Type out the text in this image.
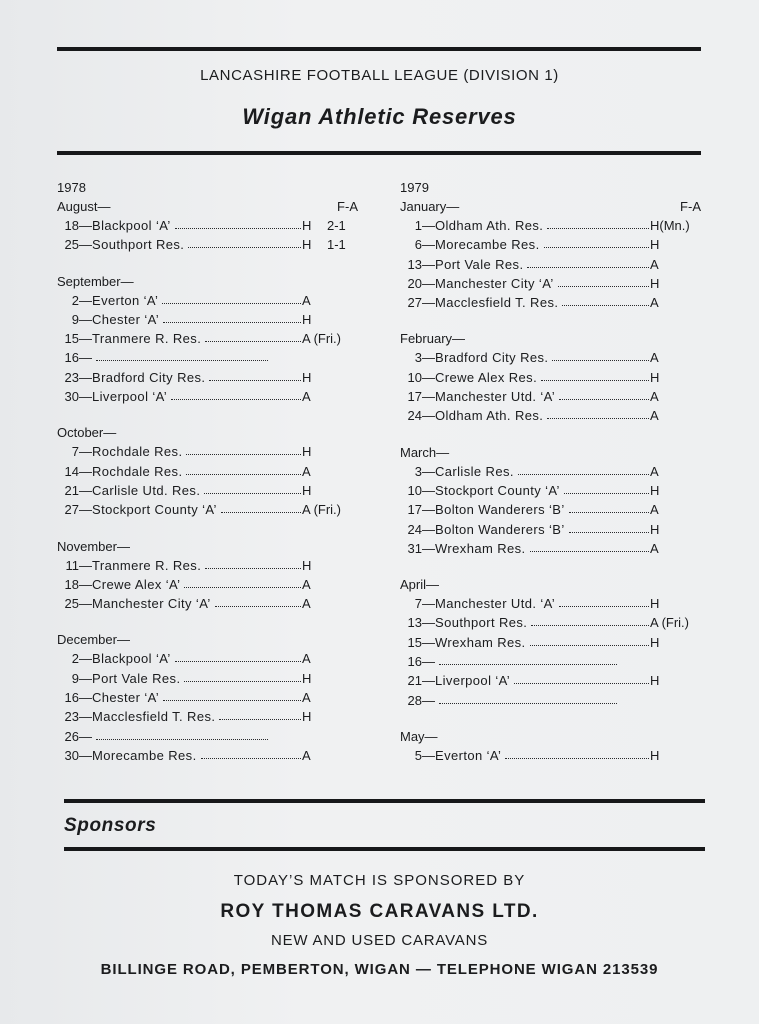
LANCASHIRE FOOTBALL LEAGUE (DIVISION 1)
Wigan Athletic Reserves
1978
August—	F-A
18—Blackpool ‘A’	H 2-1
25—Southport Res.	H 1-1
September—
2—Everton ‘A’	A
9—Chester ‘A’	H
15—Tranmere R. Res.	A (Fri.)
16—
23—Bradford City Res.	H
30—Liverpool ‘A’	A
October—
7—Rochdale Res.	H
14—Rochdale Res.	A
21—Carlisle Utd. Res.	H
27—Stockport County ‘A’	A (Fri.)
November—
11—Tranmere R. Res.	H
18—Crewe Alex ‘A’	A
25—Manchester City ‘A’	A
December—
2—Blackpool ‘A’	A
9—Port Vale Res.	H
16—Chester ‘A’	A
23—Macclesfield T. Res.	H
26—
30—Morecambe Res.	A
1979
January—	F-A
1—Oldham Ath. Res.	H(Mn.)
6—Morecambe Res.	H
13—Port Vale Res.	A
20—Manchester City ‘A’	H
27—Macclesfield T. Res.	A
February—
3—Bradford City Res.	A
10—Crewe Alex Res.	H
17—Manchester Utd. ‘A’	A
24—Oldham Ath. Res.	A
March—
3—Carlisle Res.	A
10—Stockport County ‘A’	H
17—Bolton Wanderers ‘B’	A
24—Bolton Wanderers ‘B’	H
31—Wrexham Res.	A
April—
7—Manchester Utd. ‘A’	H
13—Southport Res.	A (Fri.)
15—Wrexham Res.	H
16—
21—Liverpool ‘A’	H
28—
May—
5—Everton ‘A’	H
Sponsors
TODAY’S MATCH IS SPONSORED BY
ROY THOMAS CARAVANS LTD.
NEW AND USED CARAVANS
BILLINGE ROAD, PEMBERTON, WIGAN — TELEPHONE WIGAN 213539
